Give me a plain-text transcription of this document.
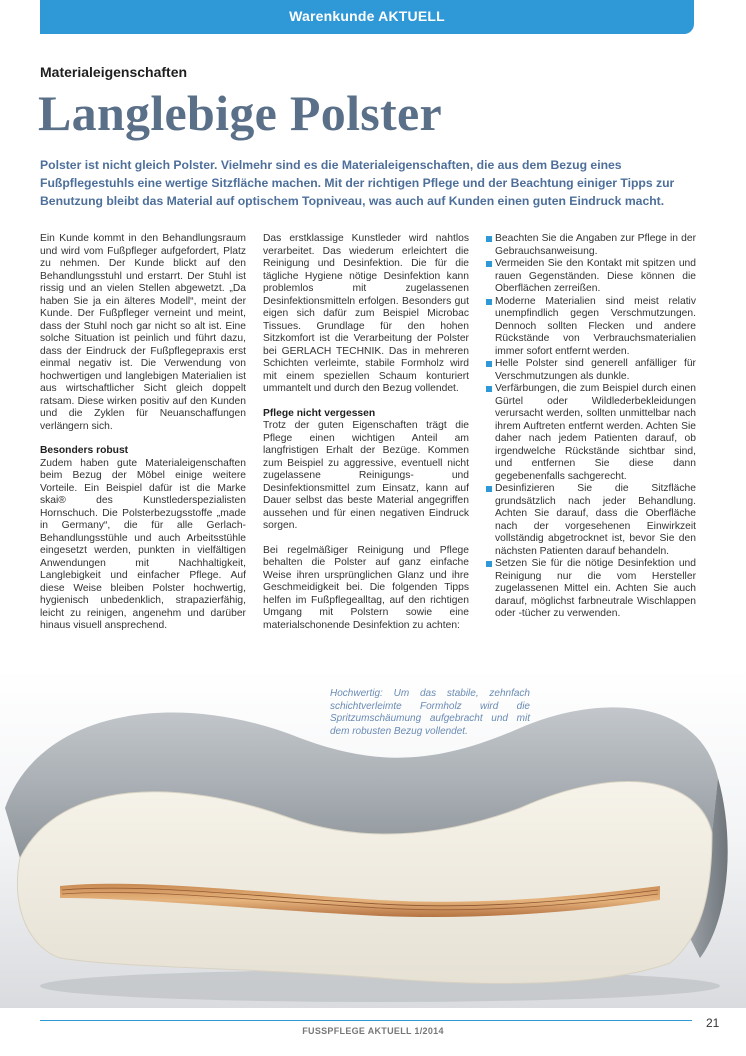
Warenkunde AKTUELL
Materialeigenschaften
Langlebige Polster
Polster ist nicht gleich Polster. Vielmehr sind es die Materialeigenschaften, die aus dem Bezug eines Fußpflegestuhls eine wertige Sitzfläche machen. Mit der richtigen Pflege und der Beachtung einiger Tipps zur Benutzung bleibt das Material auf optischem Topniveau, was auch auf Kunden einen guten Eindruck macht.

Ein Kunde kommt in den Behandlungsraum und wird vom Fußpfleger aufgefordert, Platz zu nehmen. Der Kunde blickt auf den Behandlungsstuhl und erstarrt. Der Stuhl ist rissig und an vielen Stellen abgewetzt. „Da haben Sie ja ein älteres Modell“, meint der Kunde. Der Fußpfleger verneint und meint, dass der Stuhl noch gar nicht so alt ist. Eine solche Situation ist peinlich und führt dazu, dass der Eindruck der Fußpflegepraxis erst einmal negativ ist. Die Verwendung von hochwertigen und langlebigen Materialien ist aus wirtschaftlicher Sicht gleich doppelt ratsam. Diese wirken positiv auf den Kunden und die Zyklen für Neuanschaffungen verlängern sich.

Besonders robust

Zudem haben gute Materialeigenschaften beim Bezug der Möbel einige weitere Vorteile. Ein Beispiel dafür ist die Marke skai® des Kunstlederspezialisten Hornschuch. Die Polsterbezugsstoffe „made in Germany“, die für alle Gerlach-Behandlungsstühle und auch Arbeitsstühle eingesetzt werden, punkten in vielfältigen Anwendungen mit Nachhaltigkeit, Langlebigkeit und einfacher Pflege. Auf diese Weise bleiben Polster hochwertig, hygienisch unbedenklich, strapazierfähig, leicht zu reinigen, angenehm und darüber hinaus visuell ansprechend.

Das erstklassige Kunstleder wird nahtlos verarbeitet. Das wiederum erleichtert die Reinigung und Desinfektion. Die für die tägliche Hygiene nötige Desinfektion kann problemlos mit zugelassenen Desinfektionsmitteln erfolgen. Besonders gut eigen sich dafür zum Beispiel Microbac Tissues. Grundlage für den hohen Sitzkomfort ist die Verarbeitung der Polster bei GERLACH TECHNIK. Das in mehreren Schichten verleimte, stabile Formholz wird mit einem speziellen Schaum konturiert ummantelt und durch den Bezug vollendet.

Pflege nicht vergessen

Trotz der guten Eigenschaften trägt die Pflege einen wichtigen Anteil am langfristigen Erhalt der Bezüge. Kommen zum Beispiel zu aggressive, eventuell nicht zugelassene Reinigungs- und Desinfektionsmittel zum Einsatz, kann auf Dauer selbst das beste Material angegriffen aussehen und für einen negativen Eindruck sorgen.

Bei regelmäßiger Reinigung und Pflege behalten die Polster auf ganz einfache Weise ihren ursprünglichen Glanz und ihre Geschmeidigkeit bei. Die folgenden Tipps helfen im Fußpflegealltag, auf den richtigen Umgang mit Polstern sowie eine materialschonende Desinfektion zu achten:

Beachten Sie die Angaben zur Pflege in der Gebrauchsanweisung.
Vermeiden Sie den Kontakt mit spitzen und rauen Gegenständen. Diese können die Oberflächen zerreißen.
Moderne Materialien sind meist relativ unempfindlich gegen Verschmutzungen. Dennoch sollten Flecken und andere Rückstände von Verbrauchsmaterialien immer sofort entfernt werden.
Helle Polster sind generell anfälliger für Verschmutzungen als dunkle.
Verfärbungen, die zum Beispiel durch einen Gürtel oder Wildlederbekleidungen verursacht werden, sollten unmittelbar nach ihrem Auftreten entfernt werden. Achten Sie daher nach jedem Patienten darauf, ob irgendwelche Rückstände sichtbar sind, und entfernen Sie diese dann gegebenenfalls sachgerecht.
Desinfizieren Sie die Sitzfläche grundsätzlich nach jeder Behandlung. Achten Sie darauf, dass die Oberfläche nach der vorgesehenen Einwirkzeit vollständig abgetrocknet ist, bevor Sie den nächsten Patienten darauf behandeln.
Setzen Sie für die nötige Desinfektion und Reinigung nur die vom Hersteller zugelassenen Mittel ein. Achten Sie auch darauf, möglichst farbneutrale Wischlappen oder -tücher zu verwenden.
Hochwertig: Um das stabile, zehnfach schichtverleimte Formholz wird die Spritzumschäumung aufgebracht und mit dem robusten Bezug vollendet.
FUSSPFLEGE AKTUELL 1/2014
21
